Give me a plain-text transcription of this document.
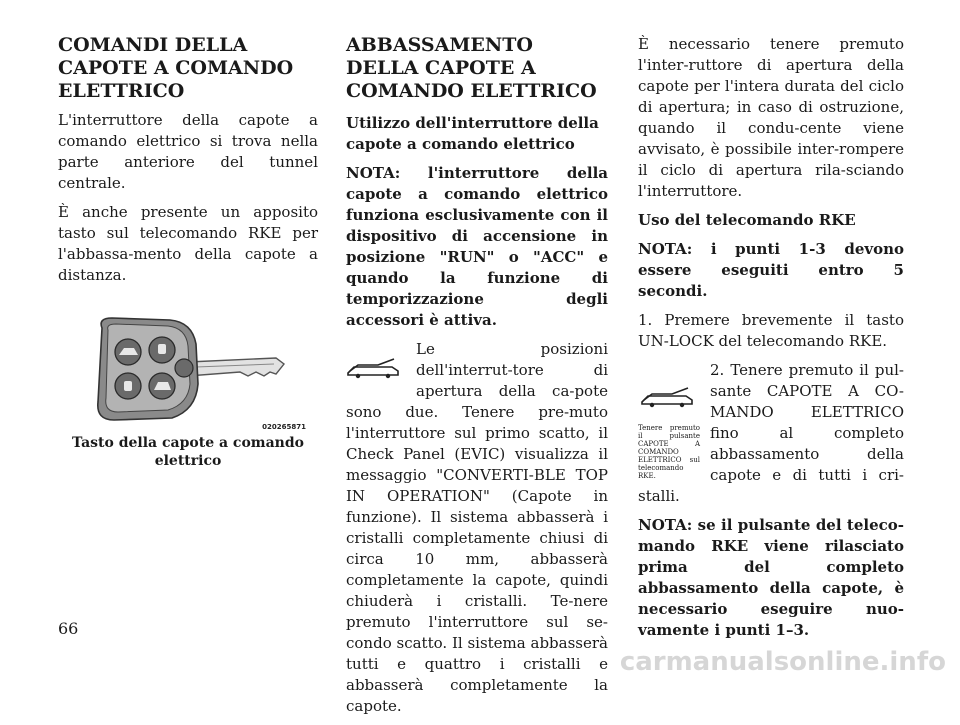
COMANDI DELLA CAPOTE A COMANDO ELETTRICO

L'interruttore della capote a comando elettrico si trova nella parte anteriore del tunnel centrale.

È anche presente un apposito tasto sul telecomando RKE per l'abbassa-mento della capote a distanza.

020265871
Tasto della capote a comando elettrico
ABBASSAMENTO DELLA CAPOTE A COMANDO ELETTRICO
Utilizzo dell'interruttore della capote a comando elettrico

NOTA: l'interruttore della capote a comando elettrico funziona esclusivamente con il dispositivo di accensione in posizione "RUN" o "ACC" e quando la funzione di temporizzazione degli accessori è attiva.

Le posizioni dell'interrut-tore di apertura della ca-pote sono due. Tenere pre-muto l'interruttore sul primo scatto, il Check Panel (EVIC) visualizza il messaggio "CONVERTI-BLE TOP IN OPERATION" (Capote in funzione). Il sistema abbasserà i cristalli completamente chiusi di circa 10 mm, abbasserà completamente la capote, quindi chiuderà i cristalli. Te-nere premuto l'interruttore sul se-condo scatto. Il sistema abbasserà tutti e quattro i cristalli e abbasserà completamente la capote.

È necessario tenere premuto l'inter-ruttore di apertura della capote per l'intera durata del ciclo di apertura; in caso di ostruzione, quando il condu-cente viene avvisato, è possibile inter-rompere il ciclo di apertura rila-sciando l'interruttore.

Uso del telecomando RKE

NOTA: i punti 1-3 devono essere eseguiti entro 5 secondi.

1. Premere brevemente il tasto UN-LOCK del telecomando RKE.

Tenere premuto il pulsante CAPOTE A COMANDO ELETTRICO sul telecomando RKE.

2. Tenere premuto il pul-sante CAPOTE A CO-MANDO ELETTRICO fino al completo abbassamento della capote e di tutti i cri-stalli.

NOTA: se il pulsante del teleco-mando RKE viene rilasciato prima del completo abbassamento della capote, è necessario eseguire nuo-vamente i punti 1–3.

66
carmanualsonline.info
